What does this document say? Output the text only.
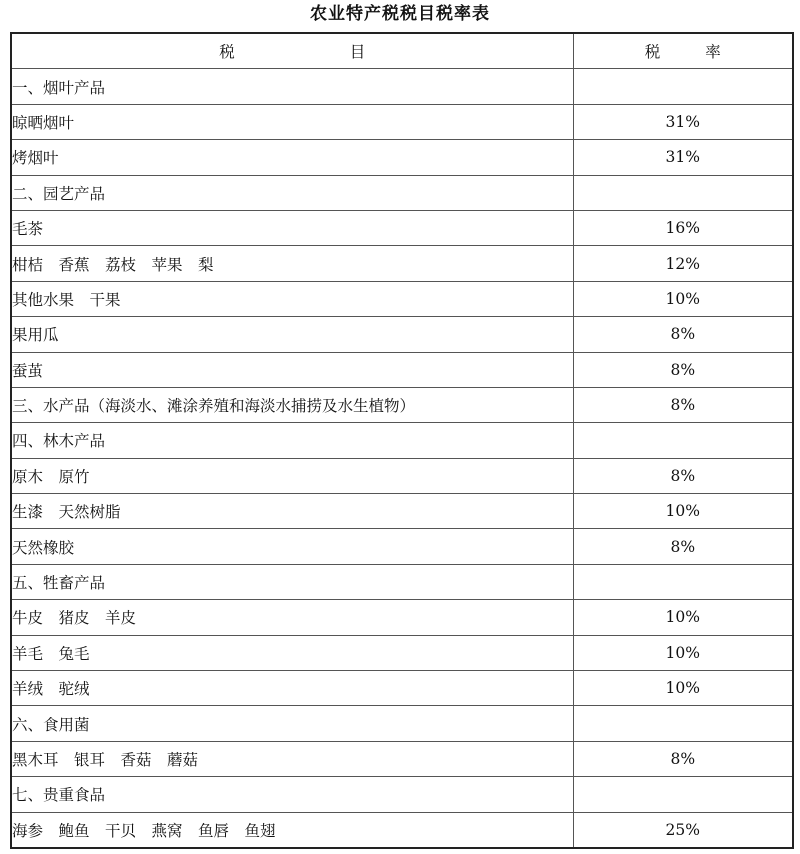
农业特产税税目税率表
税 目	税 率
一、烟叶产品	
晾晒烟叶	31%
烤烟叶	31%
二、园艺产品	
毛茶	16%
柑桔　香蕉　荔枝　苹果　梨	12%
其他水果　干果	10%
果用瓜	8%
蚕茧	8%
三、水产品（海淡水、滩涂养殖和海淡水捕捞及水生植物）	8%
四、林木产品	
原木　原竹	8%
生漆　天然树脂	10%
天然橡胶	8%
五、牲畜产品	
牛皮　猪皮　羊皮	10%
羊毛　兔毛	10%
羊绒　驼绒	10%
六、食用菌	
黑木耳　银耳　香菇　蘑菇	8%
七、贵重食品	
海参　鲍鱼　干贝　燕窝　鱼唇　鱼翅	25%
